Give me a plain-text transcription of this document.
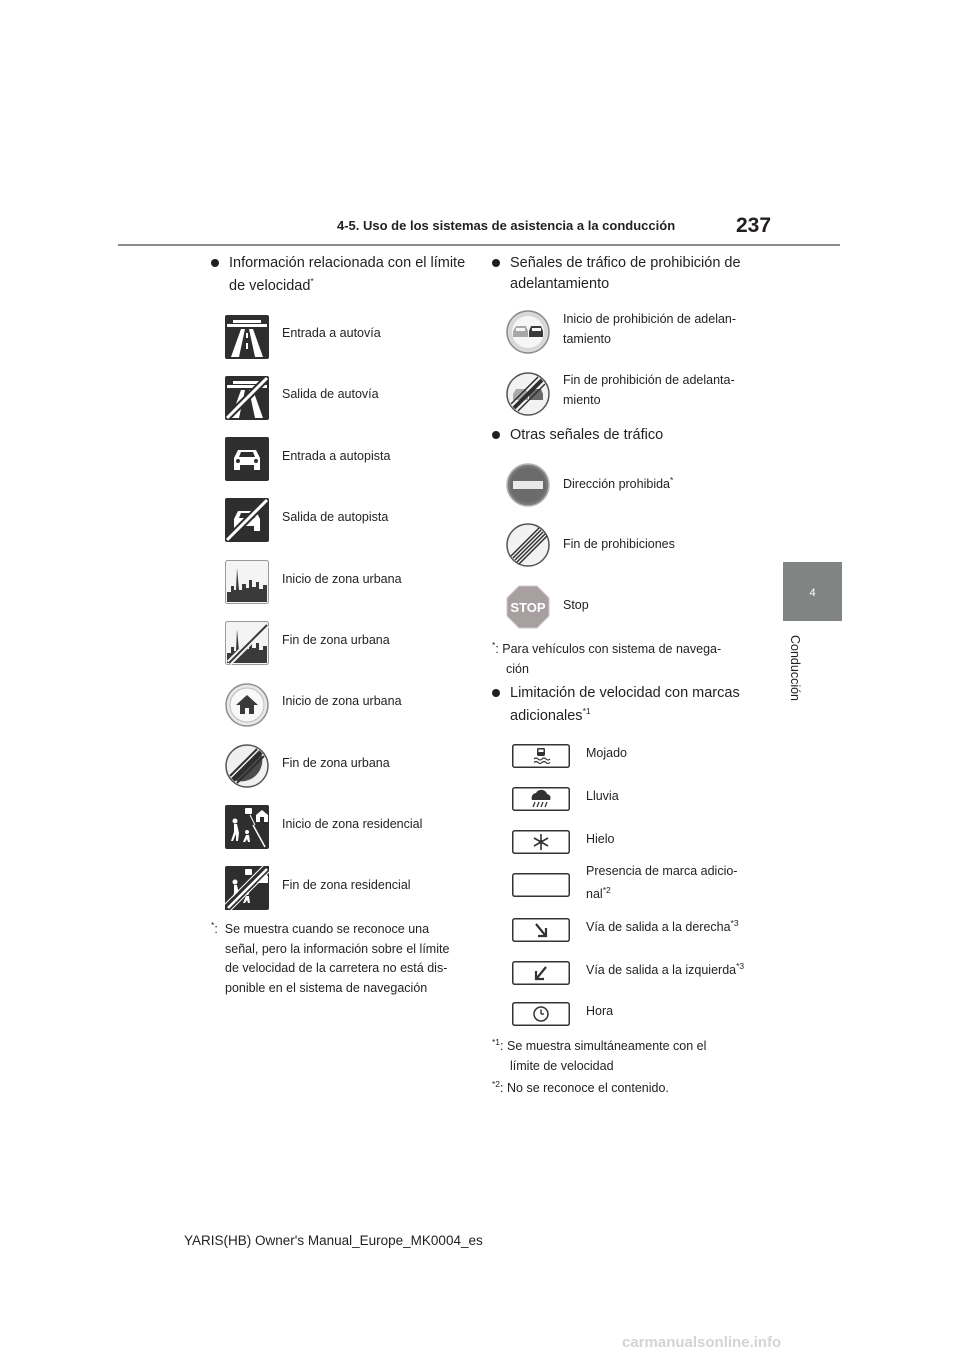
4-5. Uso de los sistemas de asistencia a la conducción	237
4
Conducción
Información relacionada con el límite
de velocidad*
Entrada a autovía
Salida de autovía
Entrada a autopista
Salida de autopista
Inicio de zona urbana
Fin de zona urbana
Inicio de zona urbana
Fin de zona urbana
Inicio de zona residencial
Fin de zona residencial
*: Se muestra cuando se reconoce una
señal, pero la información sobre el límite
de velocidad de la carretera no está dis-
ponible en el sistema de navegación
Señales de tráfico de prohibición de
adelantamiento
Inicio de prohibición de adelan-
tamiento
Fin de prohibición de adelanta-
miento
Otras señales de tráfico
Dirección prohibida*
Fin de prohibiciones
STOP Stop
*: Para vehículos con sistema de navega-
ción
Limitación de velocidad con marcas
adicionales$^{*1}$
Mojado
Lluvia
Hielo
Presencia de marca adicio-
nal$^{*2}$
Vía de salida a la derecha$^{*3}$
Vía de salida a la izquierda$^{*3}$
Hora
$^{*1}$: Se muestra simultáneamente con el
límite de velocidad
$^{*2}$: No se reconoce el contenido.
YARIS(HB) Owner's Manual_Europe_MK0004_es
carmanualsonline.info
